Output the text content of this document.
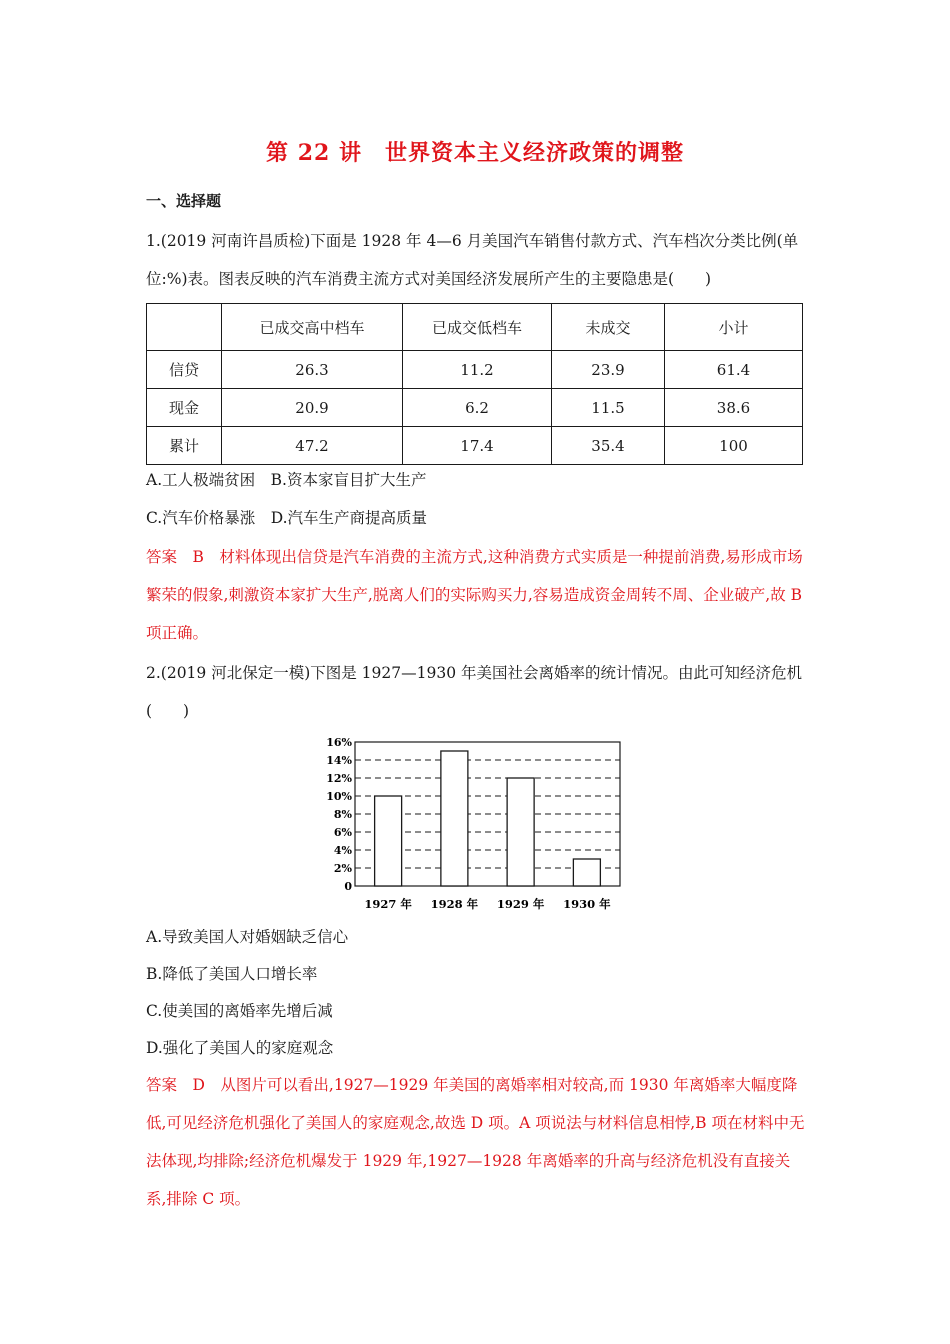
第 22 讲　世界资本主义经济政策的调整
一、选择题

1.(2019 河南许昌质检)下面是 1928 年 4—6 月美国汽车销售付款方式、汽车档次分类比例(单位:%)表。图表反映的汽车消费主流方式对美国经济发展所产生的主要隐患是(　　)

	已成交高中档车	已成交低档车	未成交	小计
信贷	26.3	11.2	23.9	61.4
现金	20.9	6.2	11.5	38.6
累计	47.2	17.4	35.4	100
A.工人极端贫困　B.资本家盲目扩大生产
C.汽车价格暴涨　D.汽车生产商提高质量

答案　B　材料体现出信贷是汽车消费的主流方式,这种消费方式实质是一种提前消费,易形成市场繁荣的假象,刺激资本家扩大生产,脱离人们的实际购买力,容易造成资金周转不周、企业破产,故 B 项正确。

2.(2019 河北保定一模)下图是 1927—1930 年美国社会离婚率的统计情况。由此可知经济危机(　　)

0
2%
4%
6%
8%
10%
12%
14%
16%
1927 年 1928 年 1929 年 1930 年
A.导致美国人对婚姻缺乏信心
B.降低了美国人口增长率
C.使美国的离婚率先增后减
D.强化了美国人的家庭观念

答案　D　从图片可以看出,1927—1929 年美国的离婚率相对较高,而 1930 年离婚率大幅度降低,可见经济危机强化了美国人的家庭观念,故选 D 项。A 项说法与材料信息相悖,B 项在材料中无法体现,均排除;经济危机爆发于 1929 年,1927—1928 年离婚率的升高与经济危机没有直接关系,排除 C 项。
